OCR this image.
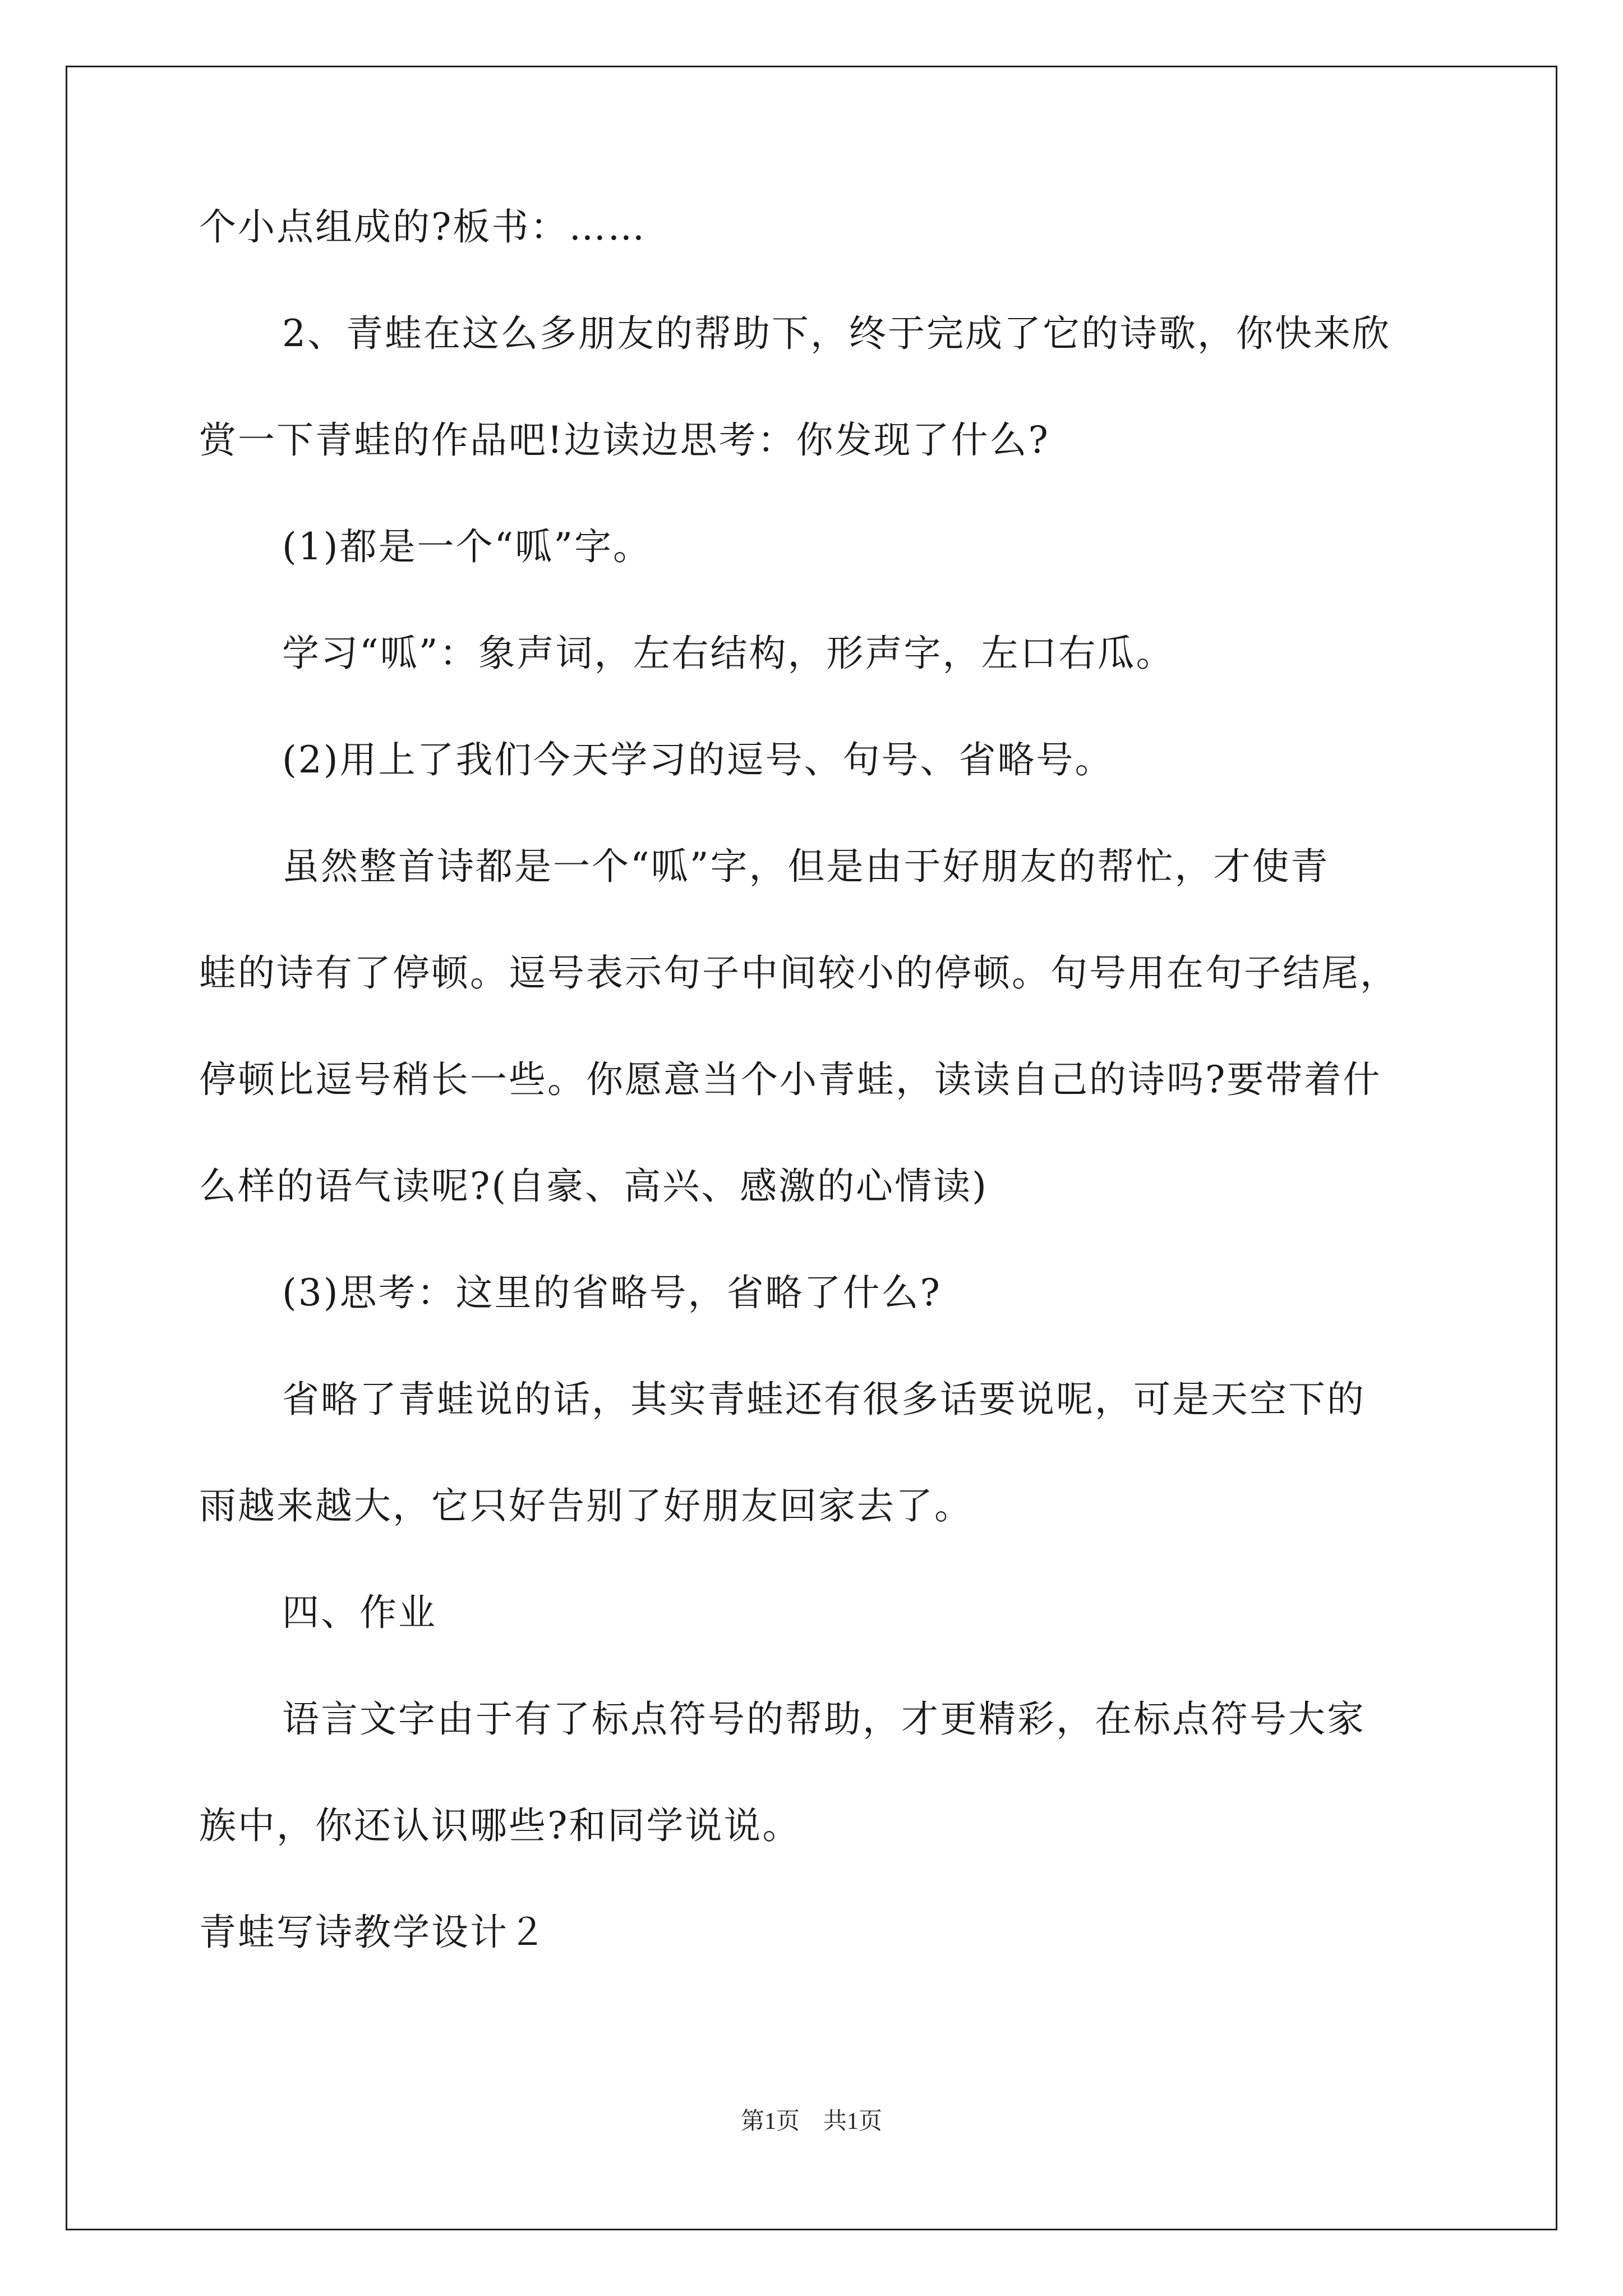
个小点组成的?板书：……
2、青蛙在这么多朋友的帮助下，终于完成了它的诗歌，你快来欣
赏一下青蛙的作品吧!边读边思考：你发现了什么?
(1)都是一个“呱”字。
学习“呱”：象声词，左右结构，形声字，左口右瓜。
(2)用上了我们今天学习的逗号、句号、省略号。
虽然整首诗都是一个“呱”字，但是由于好朋友的帮忙，才使青
蛙的诗有了停顿。逗号表示句子中间较小的停顿。句号用在句子结尾，
停顿比逗号稍长一些。你愿意当个小青蛙，读读自己的诗吗?要带着什
么样的语气读呢?(自豪、高兴、感激的心情读)
(3)思考：这里的省略号，省略了什么?
省略了青蛙说的话，其实青蛙还有很多话要说呢，可是天空下的
雨越来越大，它只好告别了好朋友回家去了。
四、作业
语言文字由于有了标点符号的帮助，才更精彩，在标点符号大家
族中，你还认识哪些?和同学说说。
青蛙写诗教学设计２
第1页　共1页
